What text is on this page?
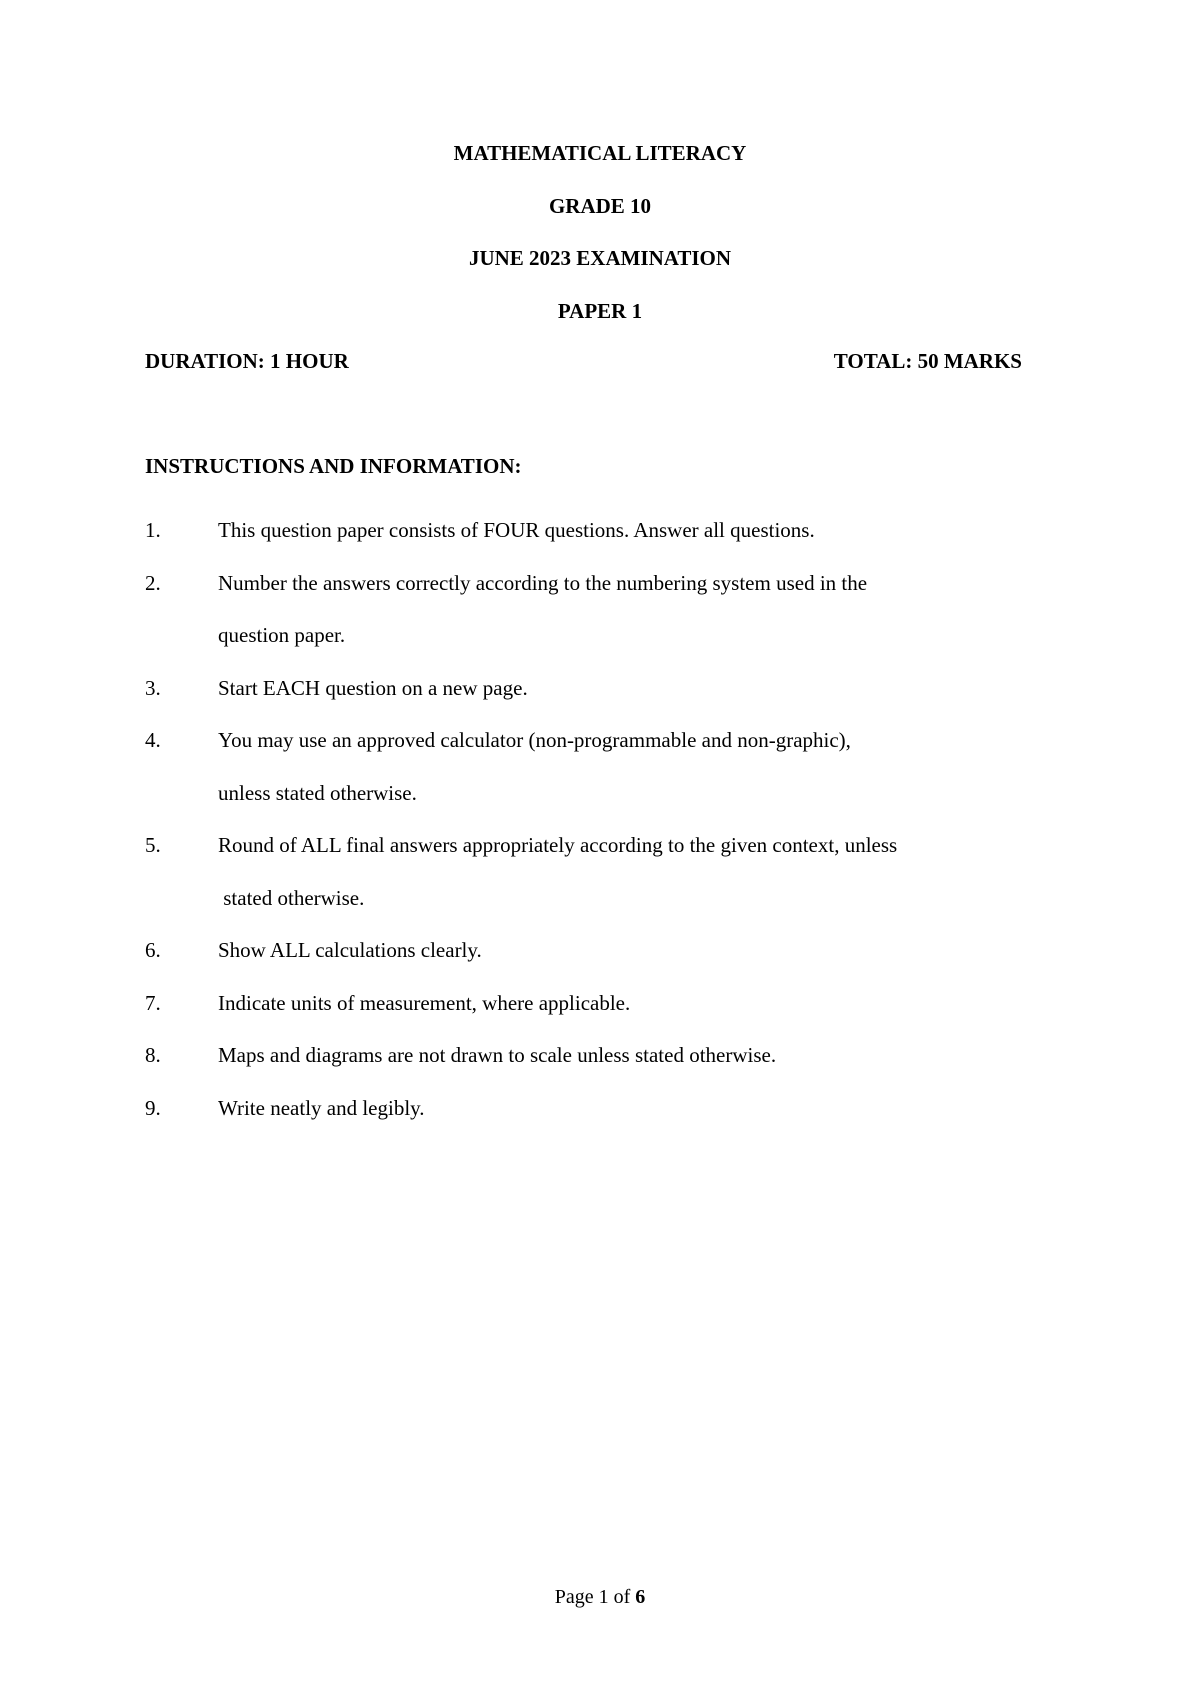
MATHEMATICAL LITERACY
GRADE 10
JUNE 2023 EXAMINATION
PAPER 1
DURATION: 1 HOUR	TOTAL: 50 MARKS
INSTRUCTIONS AND INFORMATION:
1.	This question paper consists of FOUR questions. Answer all questions.
2.	Number the answers correctly according to the numbering system used in the
question paper.
3.	Start EACH question on a new page.
4.	You may use an approved calculator (non-programmable and non-graphic),
unless stated otherwise.
5.	Round of ALL final answers appropriately according to the given context, unless
stated otherwise.
6.	Show ALL calculations clearly.
7.	Indicate units of measurement, where applicable.
8.	Maps and diagrams are not drawn to scale unless stated otherwise.
9.	Write neatly and legibly.
Page 1 of 6
